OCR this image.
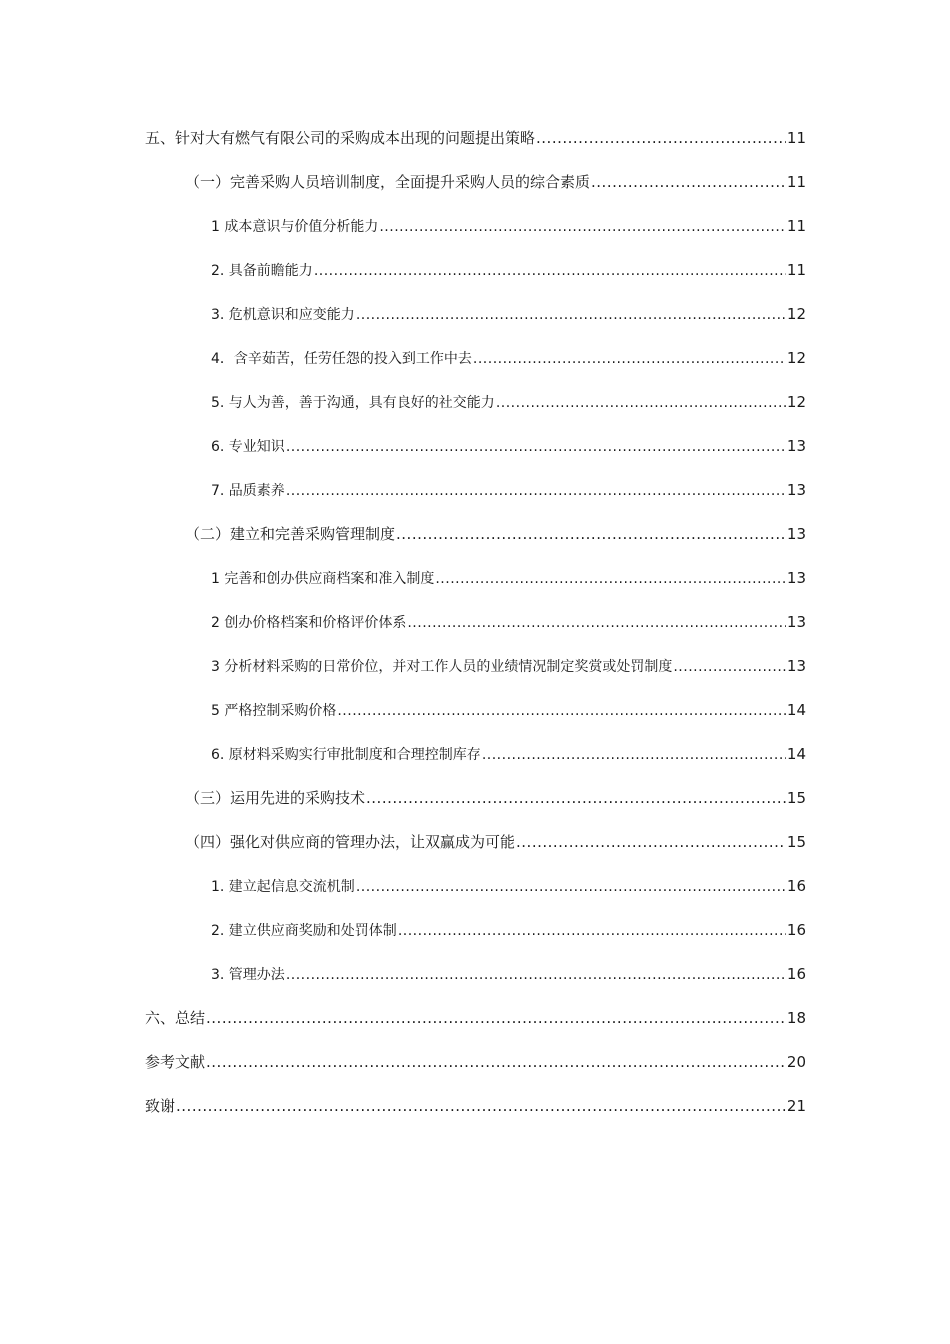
五、针对大有燃气有限公司的采购成本出现的问题提出策略 .....	11
（一）完善采购人员培训制度，全面提升采购人员的综合素质 .....	11
1 成本意识与价值分析能力 .....	11
2. 具备前瞻能力 .....	11
3. 危机意识和应变能力 .....	12
4．含辛茹苦，任劳任怨的投入到工作中去 .....	12
5. 与人为善，善于沟通，具有良好的社交能力 .....	12
6. 专业知识 .....	13
7. 品质素养 .....	13
（二）建立和完善采购管理制度 .....	13
1 完善和创办供应商档案和准入制度 .....	13
2 创办价格档案和价格评价体系 .....	13
3 分析材料采购的日常价位，并对工作人员的业绩情况制定奖赏或处罚制度 .....	13
5 严格控制采购价格 .....	14
6. 原材料采购实行审批制度和合理控制库存 .....	14
（三）运用先进的采购技术 .....	15
（四）强化对供应商的管理办法，让双赢成为可能 .....	15
1. 建立起信息交流机制 .....	16
2. 建立供应商奖励和处罚体制 .....	16
3. 管理办法 .....	16
六、总结 .....	18
参考文献 .....	20
致谢 .....	21
